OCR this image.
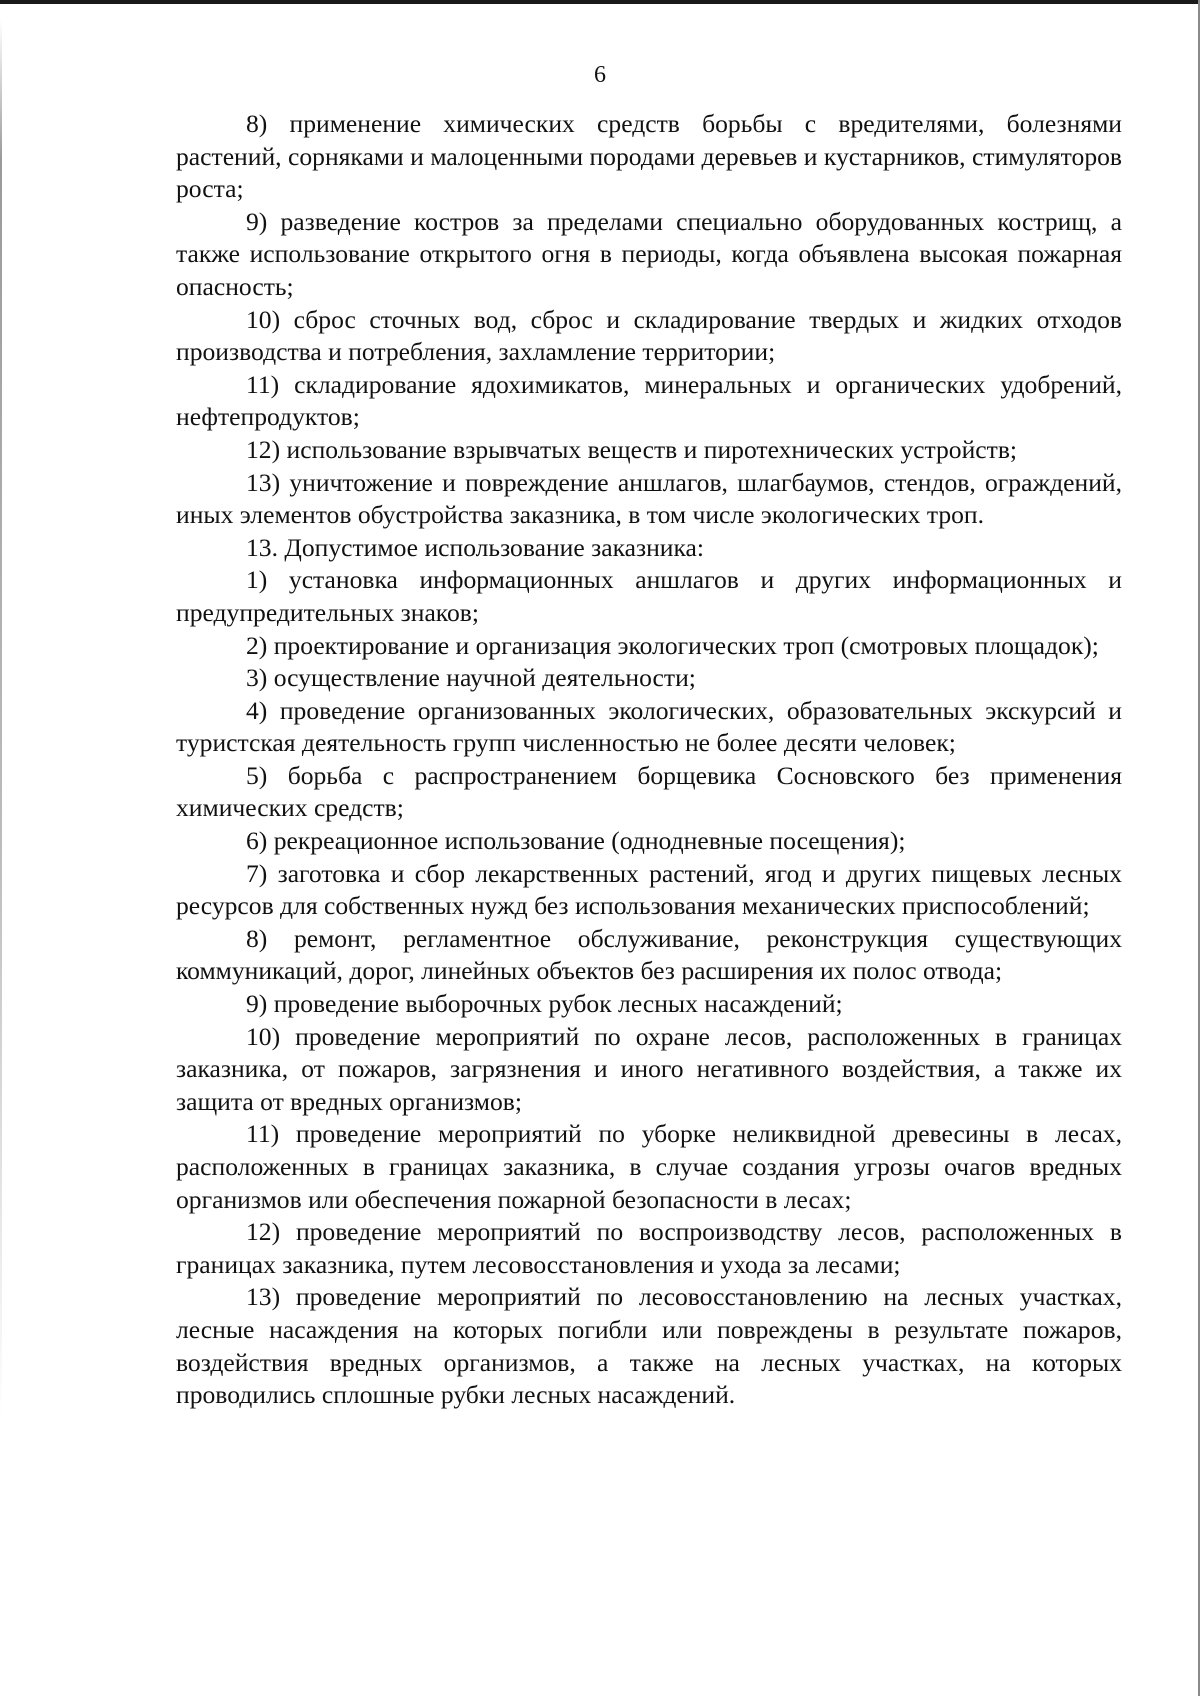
6

8) применение химических средств борьбы с вредителями, болезнями растений, сорняками и малоценными породами деревьев и кустарников, стимуляторов роста;

9) разведение костров за пределами специально оборудованных кострищ, а также использование открытого огня в периоды, когда объявлена высокая пожарная опасность;

10) сброс сточных вод, сброс и складирование твердых и жидких отходов производства и потребления, захламление территории;

11) складирование ядохимикатов, минеральных и органических удобрений, нефтепродуктов;

12) использование взрывчатых веществ и пиротехнических устройств;

13) уничтожение и повреждение аншлагов, шлагбаумов, стендов, ограждений, иных элементов обустройства заказника, в том числе экологических троп.

13. Допустимое использование заказника:

1) установка информационных аншлагов и других информационных и предупредительных знаков;

2) проектирование и организация экологических троп (смотровых площадок);

3) осуществление научной деятельности;

4) проведение организованных экологических, образовательных экскурсий и туристская деятельность групп численностью не более десяти человек;

5) борьба с распространением борщевика Сосновского без применения химических средств;

6) рекреационное использование (однодневные посещения);

7) заготовка и сбор лекарственных растений, ягод и других пищевых лесных ресурсов для собственных нужд без использования механических приспособлений;

8) ремонт, регламентное обслуживание, реконструкция существующих коммуникаций, дорог, линейных объектов без расширения их полос отвода;

9) проведение выборочных рубок лесных насаждений;

10) проведение мероприятий по охране лесов, расположенных в границах заказника, от пожаров, загрязнения и иного негативного воздействия, а также их защита от вредных организмов;

11) проведение мероприятий по уборке неликвидной древесины в лесах, расположенных в границах заказника, в случае создания угрозы очагов вредных организмов или обеспечения пожарной безопасности в лесах;

12) проведение мероприятий по воспроизводству лесов, расположенных в границах заказника, путем лесовосстановления и ухода за лесами;

13) проведение мероприятий по лесовосстановлению на лесных участках, лесные насаждения на которых погибли или повреждены в результате пожаров, воздействия вредных организмов, а также на лесных участках, на которых проводились сплошные рубки лесных насаждений.
